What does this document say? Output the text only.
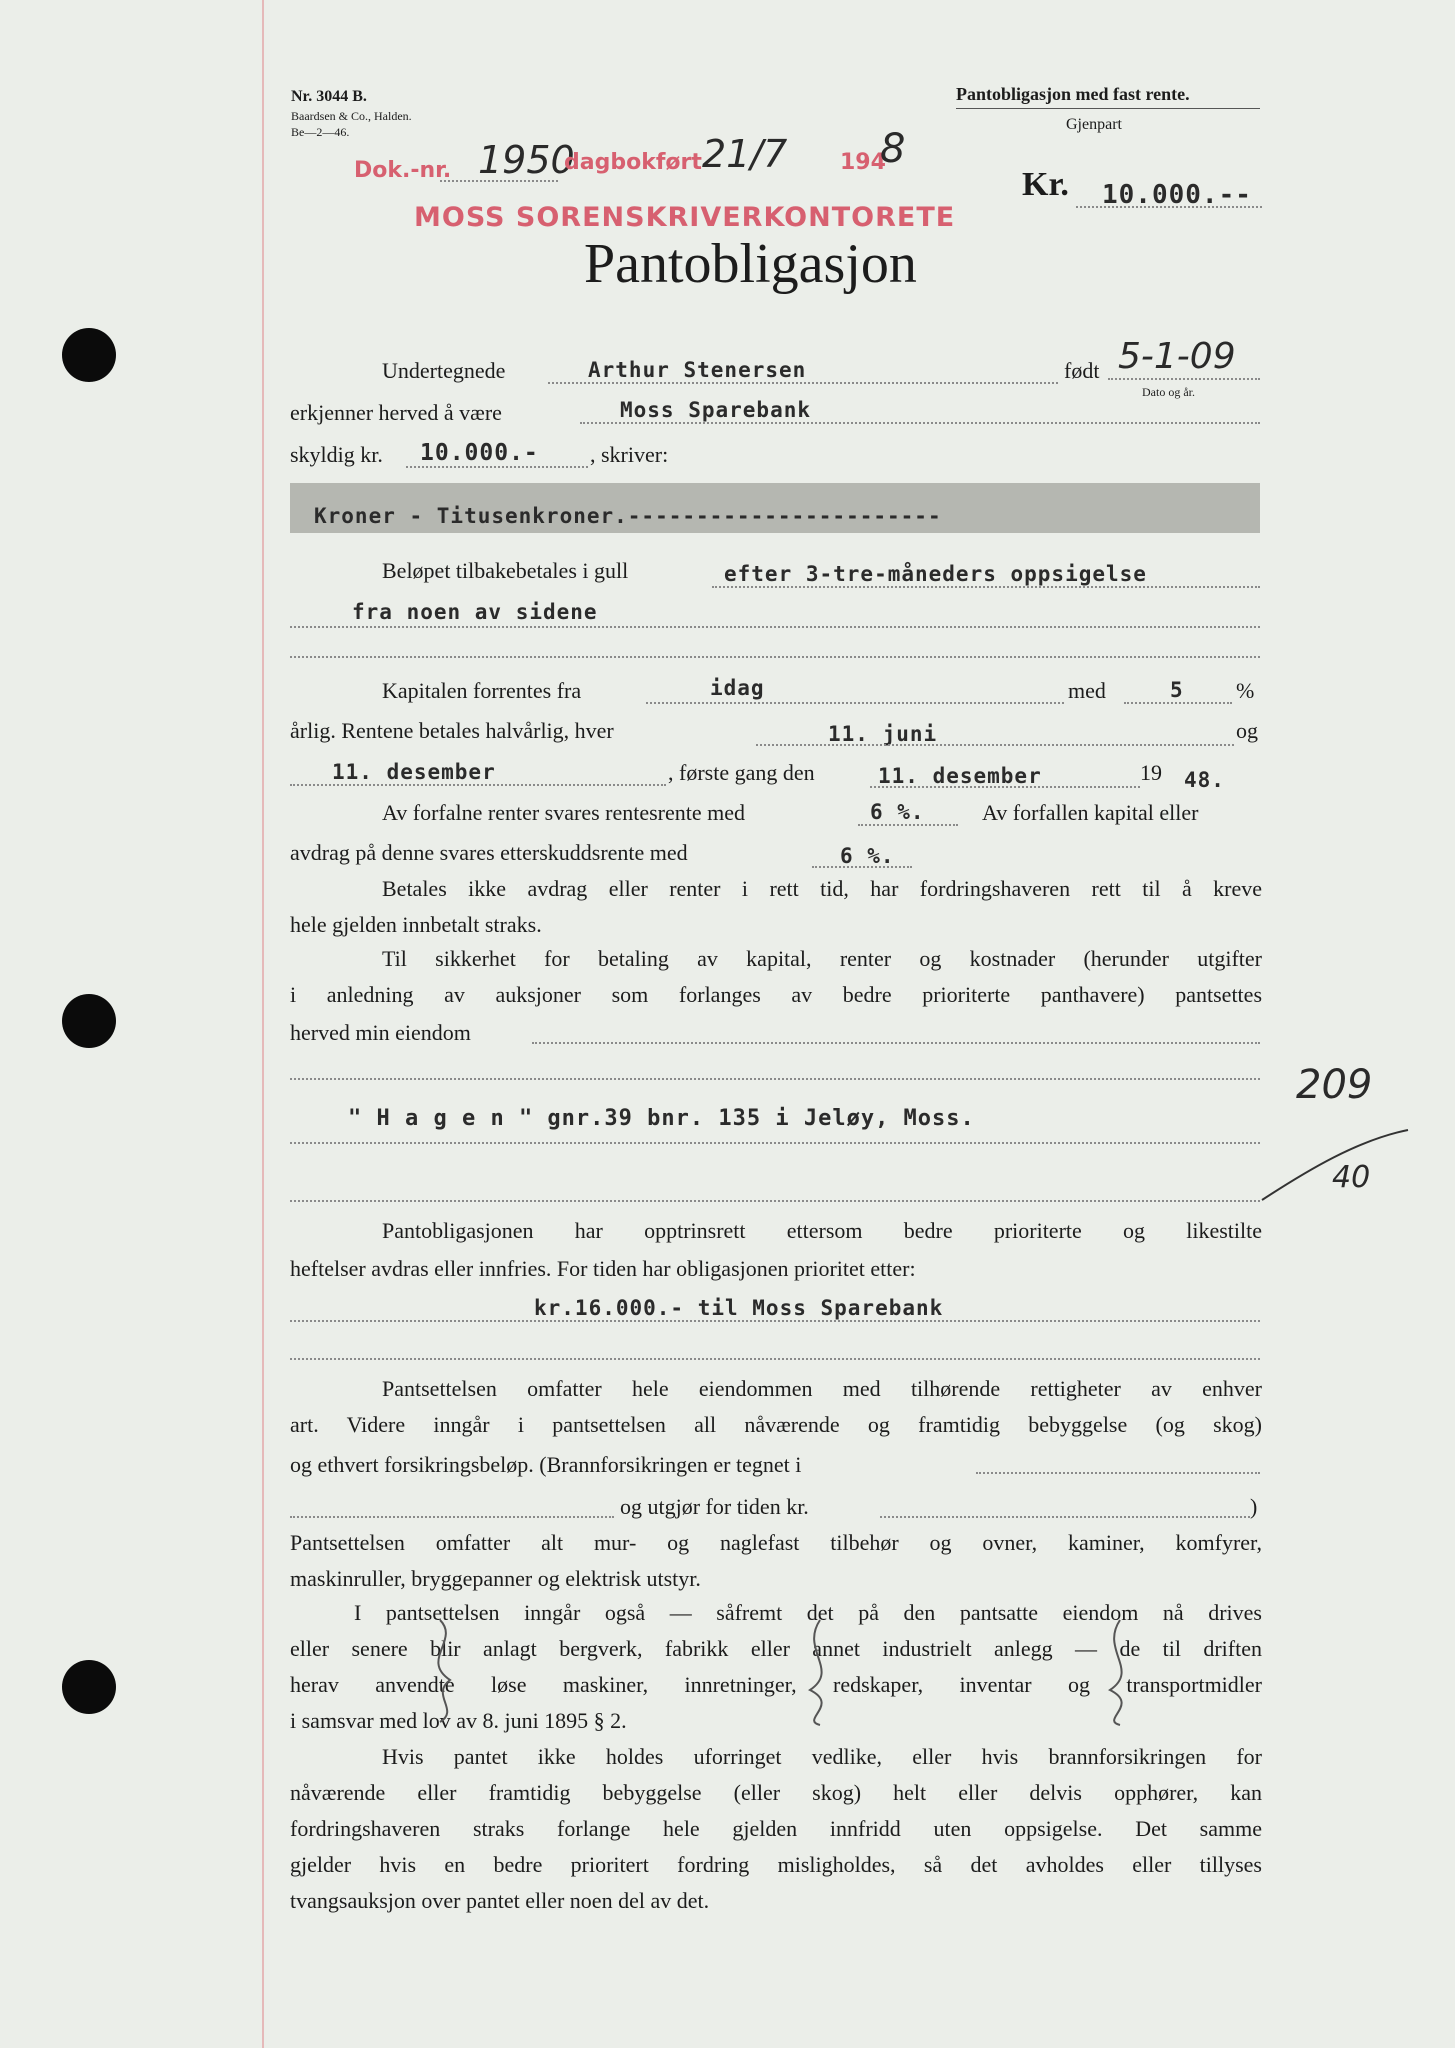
Nr. 3044 B.
Baardsen & Co., Halden.
Be—2—46.
Pantobligasjon med fast rente.
Gjenpart
Kr. 10.000.--
Dok.-nr. 1950
dagbokført 21/7 194
8
MOSS SORENSKRIVERKONTORETE
Pantobligasjon
Undertegnede	Arthur Stenersen	født 5-1-09
Dato og år.
erkjenner herved å være	Moss Sparebank
skyldig kr. 10.000.- , skriver:
Kroner - Titusenkroner.-----------------------
Beløpet tilbakebetales i gull	efter 3-tre-måneders oppsigelse
fra noen av sidene
Kapitalen forrentes fra	idag	med	5 %
årlig. Rentene betales halvårlig, hver	11. juni	og
11. desember	, første gang den	11. desember	19 48.
Av forfalne renter svares rentesrente med	6 %.	Av forfallen kapital eller
avdrag på denne svares etterskuddsrente med	6 %.
Betales ikke avdrag eller renter i rett tid, har fordringshaveren rett til å kreve
hele gjelden innbetalt straks.
Til sikkerhet for betaling av kapital, renter og kostnader (herunder utgifter
i anledning av auksjoner som forlanges av bedre prioriterte panthavere) pantsettes
herved min eiendom
" H a g e n " gnr.39 bnr. 135 i Jeløy, Moss.
Pantobligasjonen har opptrinsrett ettersom bedre prioriterte og likestilte
heftelser avdras eller innfries. For tiden har obligasjonen prioritet etter:
kr.16.000.- til Moss Sparebank
Pantsettelsen omfatter hele eiendommen med tilhørende rettigheter av enhver
art. Videre inngår i pantsettelsen all nåværende og framtidig bebyggelse (og skog)
og ethvert forsikringsbeløp. (Brannforsikringen er tegnet i
og utgjør for tiden kr.	)
Pantsettelsen omfatter alt mur- og naglefast tilbehør og ovner, kaminer, komfyrer,
maskinruller, bryggepanner og elektrisk utstyr.
I pantsettelsen inngår også — såfremt det på den pantsatte eiendom nå drives
eller senere blir anlagt bergverk, fabrikk eller annet industrielt anlegg — de til driften
herav anvendte løse maskiner, innretninger, redskaper, inventar og transportmidler
i samsvar med lov av 8. juni 1895 § 2.
Hvis pantet ikke holdes uforringet vedlike, eller hvis brannforsikringen for
nåværende eller framtidig bebyggelse (eller skog) helt eller delvis opphører, kan
fordringshaveren straks forlange hele gjelden innfridd uten oppsigelse. Det samme
gjelder hvis en bedre prioritert fordring misligholdes, så det avholdes eller tillyses
tvangsauksjon over pantet eller noen del av det.
209
40
